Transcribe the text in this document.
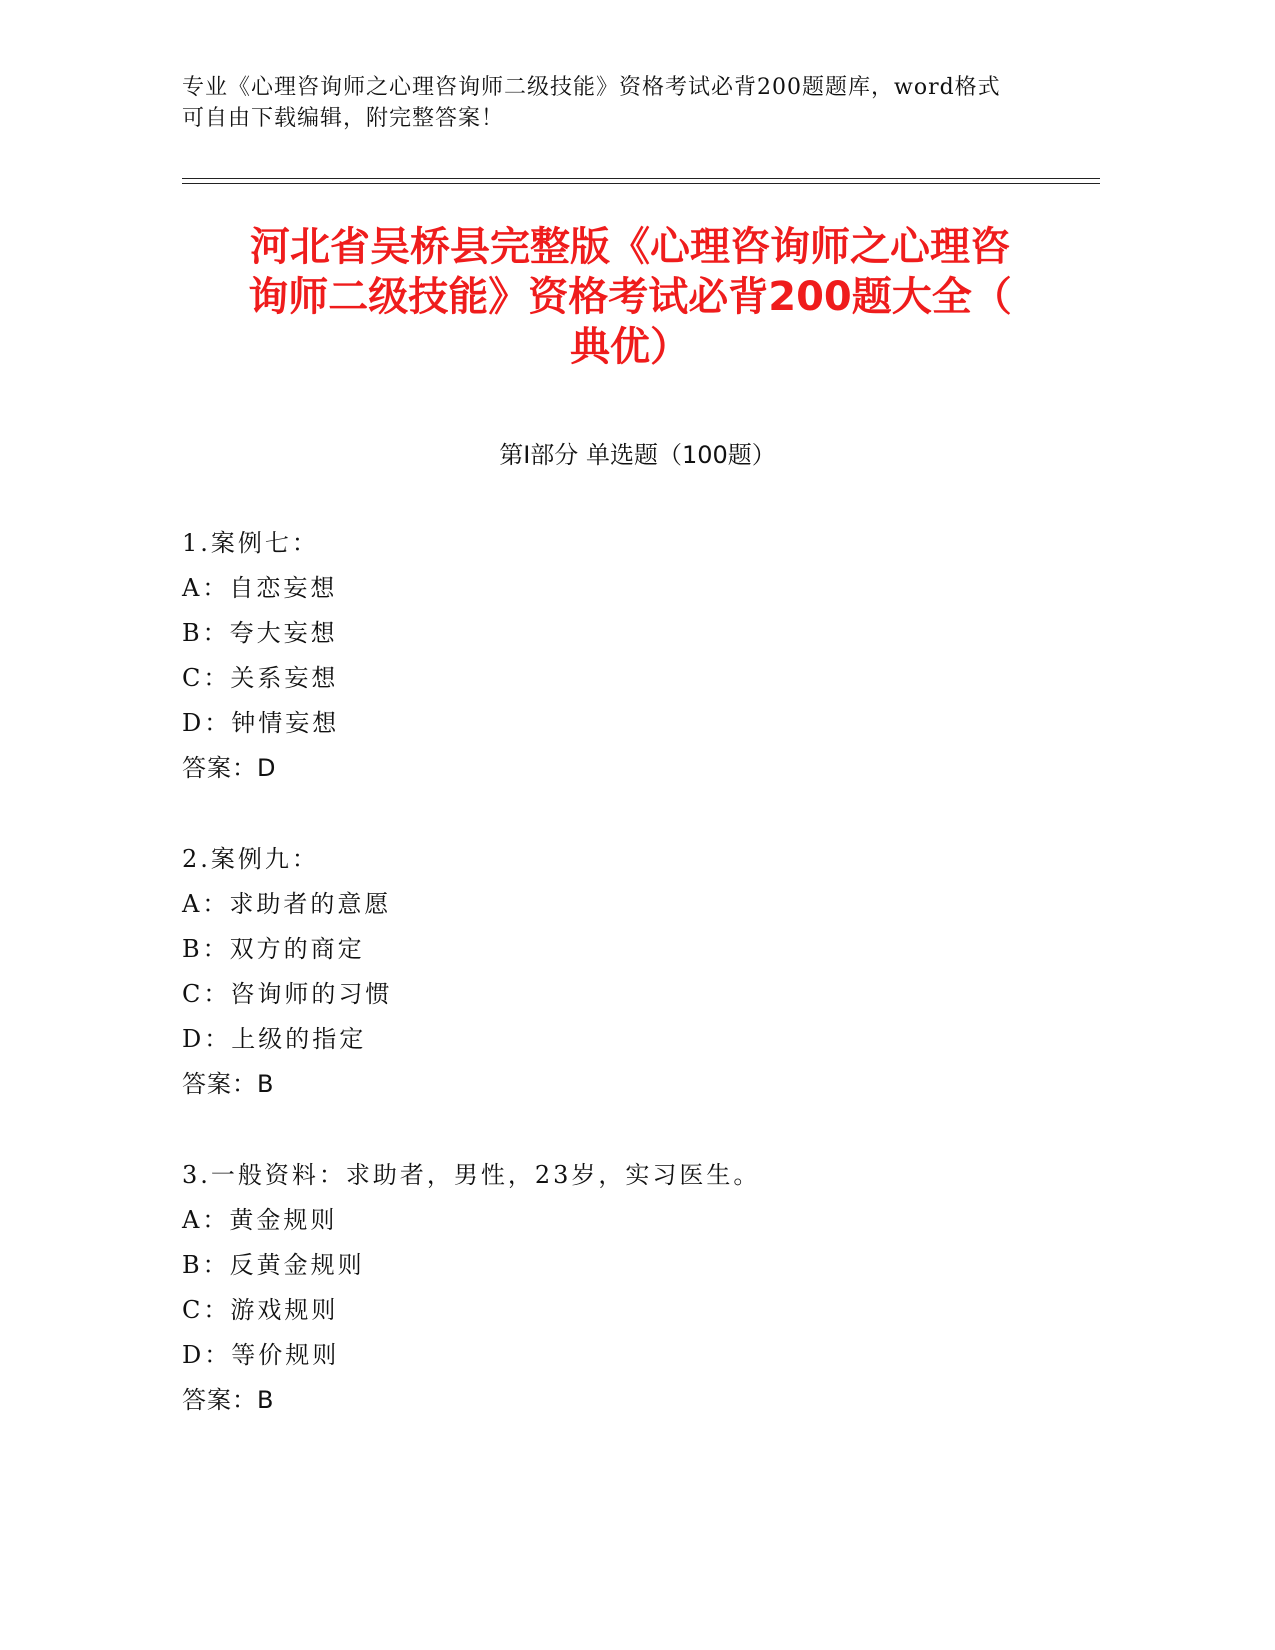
专业《心理咨询师之心理咨询师二级技能》资格考试必背200题题库，word格式
可自由下载编辑，附完整答案！
河北省吴桥县完整版《心理咨询师之心理咨
询师二级技能》资格考试必背200题大全（
典优）
第Ⅰ部分 单选题（100题）
1.案例七：
A：自恋妄想
B：夸大妄想
C：关系妄想
D：钟情妄想
答案：D
2.案例九：
A：求助者的意愿
B：双方的商定
C：咨询师的习惯
D：上级的指定
答案：B
3.一般资料：求助者，男性，23岁，实习医生。
A：黄金规则
B：反黄金规则
C：游戏规则
D：等价规则
答案：B
